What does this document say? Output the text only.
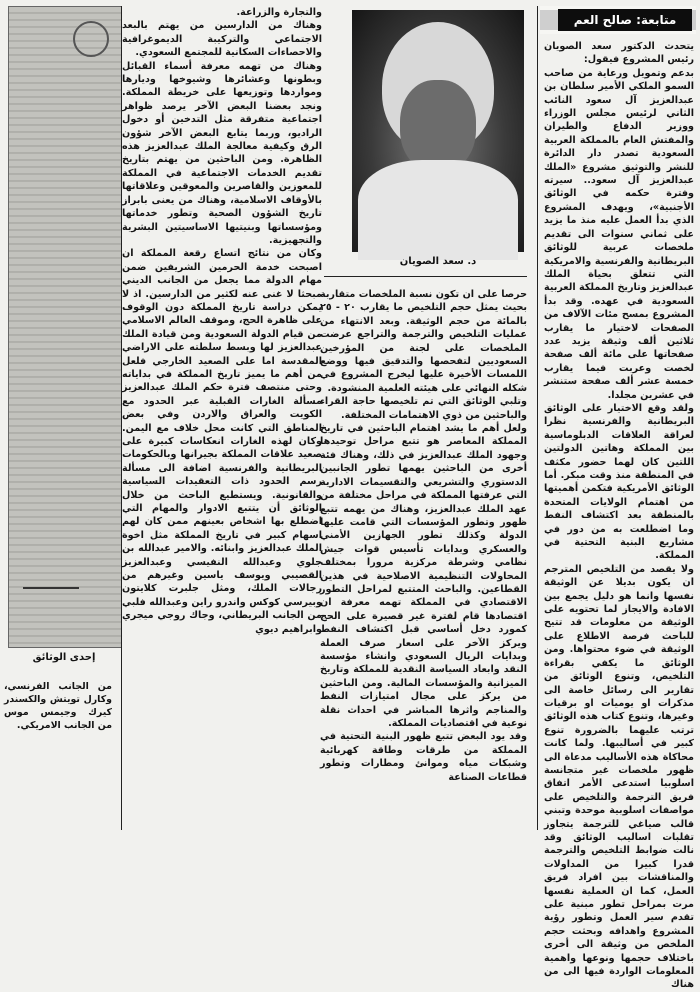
متابعة: صالح العم

يتحدث الدكتور سعد الصويان رئيس المشروع فيقول:
بدعم وتمويل ورعاية من صاحب السمو الملكي الأمير سلطان بن عبدالعزيز آل سعود النائب الثاني لرئيس مجلس الوزراء ووزير الدفاع والطيران والمفتش العام بالمملكة العربية السعودية تصدر دار الدائرة للنشر والتوثيق مشروع «الملك عبدالعزيز آل سعود.. سيرته وفترة حكمه في الوثائق الأجنبية»، ويهدف المشروع الذي بدأ العمل عليه منذ ما يزيد على ثماني سنوات الى تقديم ملخصات عربية للوثائق البريطانية والفرنسية والامريكية التي تتعلق بحياة الملك عبدالعزيز وتاريخ المملكة العربية السعودية في عهده. وقد بدأ المشروع بمسح مئات الآلاف من الصفحات لاختيار ما يقارب ثلاثين ألف وثيقة يزيد عدد صفحاتها على مائة ألف صفحة لخصت وعربت فيما يقارب خمسة عشر ألف صفحة ستنشر في عشرين مجلدا.
ولقد وقع الاختيار على الوثائق البريطانية والفرنسية نظرا لعراقة العلاقات الدبلوماسية بين المملكة وهاتين الدولتين اللتين كان لهما حضور مكثف في المنطقة منذ وقت مبكر. أما الوثائق الأمريكية فتكمن أهميتها من اهتمام الولايات المتحدة بالمنطقة بعد اكتشاف النفط وما اضطلعت به من دور في مشاريع البنية التحتية في المملكة.
ولا يقصد من التلخيص المترجم ان يكون بديلا عن الوثيقة نفسها وانما هو دليل يجمع بين الافادة والايجاز لما تحتويه على الوثيقة من معلومات قد تتيح للباحث فرصة الاطلاع على الوثيقة في ضوء محتواها. ومن الوثائق ما يكفي بقراءة التلخيص، وتنوع الوثائق من تقارير الى رسائل خاصة الى مذكرات او يوميات او برقيات وغيرها، وتنوع كتاب هذه الوثائق ترتب عليهما بالضرورة تنوع كبير في أساليبها. ولما كانت محاكاة هذه الأساليب مدعاة الى ظهور ملخصات غير متجانسة اسلوبيا استدعى الأمر اتفاق فريق الترجمة والتلخيص على مواصفات اسلوبية موحدة وتبني قالب صياغي للترجمة يتجاوز تقلبات اساليب الوثائق وقد نالت ضوابط التلخيص والترجمة قدرا كبيرا من المداولات والمناقشات بين افراد فريق العمل، كما ان العملية نفسها مرت بمراحل تطور مبنية على تقدم سير العمل وتطور رؤية المشروع واهدافه وبحثت حجم الملخص من وثيقة الى أخرى باختلاف حجمها ونوعها واهمية المعلومات الواردة فيها الى من هناك

د. سعد الصويان

حرصا على ان تكون نسبة الملخصات متقاربة بحيث يمثل حجم التلخيص ما يقارب ٢٠ - ٢٥ بالمائة من حجم الوثيقة. وبعد الانتهاء من عمليات التلخيص والترجمة والتراجع عرضت الملخصات على لجنة من المؤرخين السعوديين لتفحصها والتدقيق فيها ووضع اللمسات الأخيرة عليها ليخرج المشروع في شكله النهائي على هيئته العلمية المنشودة.
وتلبي الوثائق التي تم تلخيصها حاجة القراء والباحثين من ذوي الاهتمامات المختلفة.
ولعل أهم ما يشد اهتمام الباحثين في تاريخ المملكة المعاصر هو تتبع مراحل توحيدها وجهود الملك عبدالعزيز في ذلك، وهناك فئة أخرى من الباحثين يهمها تطور الجانبين الدستوري والتشريعي والتقسيمات الادارية التي عرفتها المملكة في مراحل مختلفة من عهد الملك عبدالعزيز، وهناك من يهمه تتبع ظهور وتطور المؤسسات التي قامت عليها الدولة وكذلك تطور الجهازين الأمني والعسكري وبدايات تأسيس قوات جيش نظامي وشرطة مركزية مرورا بمختلف المحاولات التنظيمية الاصلاحية في هذين القطاعين. والباحث المتتبع لمراحل التطور الاقتصادي في المملكة تهمه معرفة ان اقتصادها قام لفترة غير قصيرة على الحج كمورد دخل أساسي قبل اكتشاف النفط ويركز الآخر على اسعار صرف العملة وبدايات الريال السعودي وانشاء مؤسسة النقد وابعاد السياسة النقدية للمملكة وتاريخ الميزانية والمؤسسات المالية. ومن الباحثين من يركز على مجال امتيازات النفط والمناجم واثرها المباشر في احداث نقلة نوعية في اقتصاديات المملكة.
وقد يود البعض تتبع ظهور البنية التحتية في المملكة من طرقات وطاقة كهربائية وشبكات مياه وموانئ ومطارات وتطور قطاعات الصناعة

والتجارة والزراعة.
وهناك من الدارسين من يهتم بالبعد الاجتماعي والتركيبة الديموغرافية والاحصاءات السكانية للمجتمع السعودي.
وهناك من تهمه معرفة أسماء القبائل وبطونها وعشائرها وشيوخها وديارها ومواردها وتوزيعها على خريطة المملكة. ونجد بعضنا البعض الآخر يرصد ظواهر اجتماعية متفرقة مثل التدخين أو دخول الراديو، وربما يتابع البعض الآخر شؤون الرق وكيفية معالجة الملك عبدالعزيز هذه الظاهرة. ومن الباحثين من يهتم بتاريخ تقديم الخدمات الاجتماعية في المملكة للمعوزين والقاصرين والمعوقين وعلاقاتها بالأوقاف الاسلامية، وهناك من يعنى بابراز تاريخ الشؤون الصحية وتطور خدماتها ومؤسساتها وبنيتيها الاساسيتين البشرية والتجهيزية.
وكان من نتائج اتساع رقعة المملكة ان اصبحت خدمة الحرمين الشريفين ضمن مهام الدولة مما يجعل من الجانب الديني مبحثا لا غنى عنه لكثير من الدارسين. اذ لا يمكن دراسة تاريخ المملكة دون الوقوف على ظاهرة الحج، وموقف العالم الاسلامي من قيام الدولة السعودية ومن قيادة الملك عبدالعزيز لها وبسط سلطته على الاراضي المقدسة اما على الصعيد الخارجي فلعل من أهم ما يميز تاريخ المملكة في بداياته وحتى منتصف فترة حكم الملك عبدالعزيز مسألة الغارات القبلية عبر الحدود مع الكويت والعراق والاردن وفي بعض المناطق التي كانت محل خلاف مع اليمن. وكان لهذه الغارات انعكاسات كبيرة على صعيد علاقات المملكة بجيرانها وبالحكومات البريطانية والفرنسية اضافة الى مسألة رسم الحدود ذات التعقيدات السياسية والقانونية. ويستطيع الباحث من خلال الوثائق أن يتتبع الادوار والمهام التي اضطلع بها اشخاص بعينهم ممن كان لهم اسهام كبير في تاريخ المملكة مثل اخوة الملك عبدالعزيز وابنائه. والامير عبدالله بن جلوي وعبدالله النفيسي وعبدالعزيز القصيبي ويوسف ياسين وغيرهم من رجالات الملك، ومثل جلبرت كلايتون وبيرسي كوكس واندرو راين وعبدالله فلبي من الجانب البريطاني، وجاك روجي ميجري وابراهيم ديوي

إحدى الوثائق

من الجانب الفرنسي، وكارل تويتش والكسندر كيرك وجيمس موس من الجانب الامريكي.
